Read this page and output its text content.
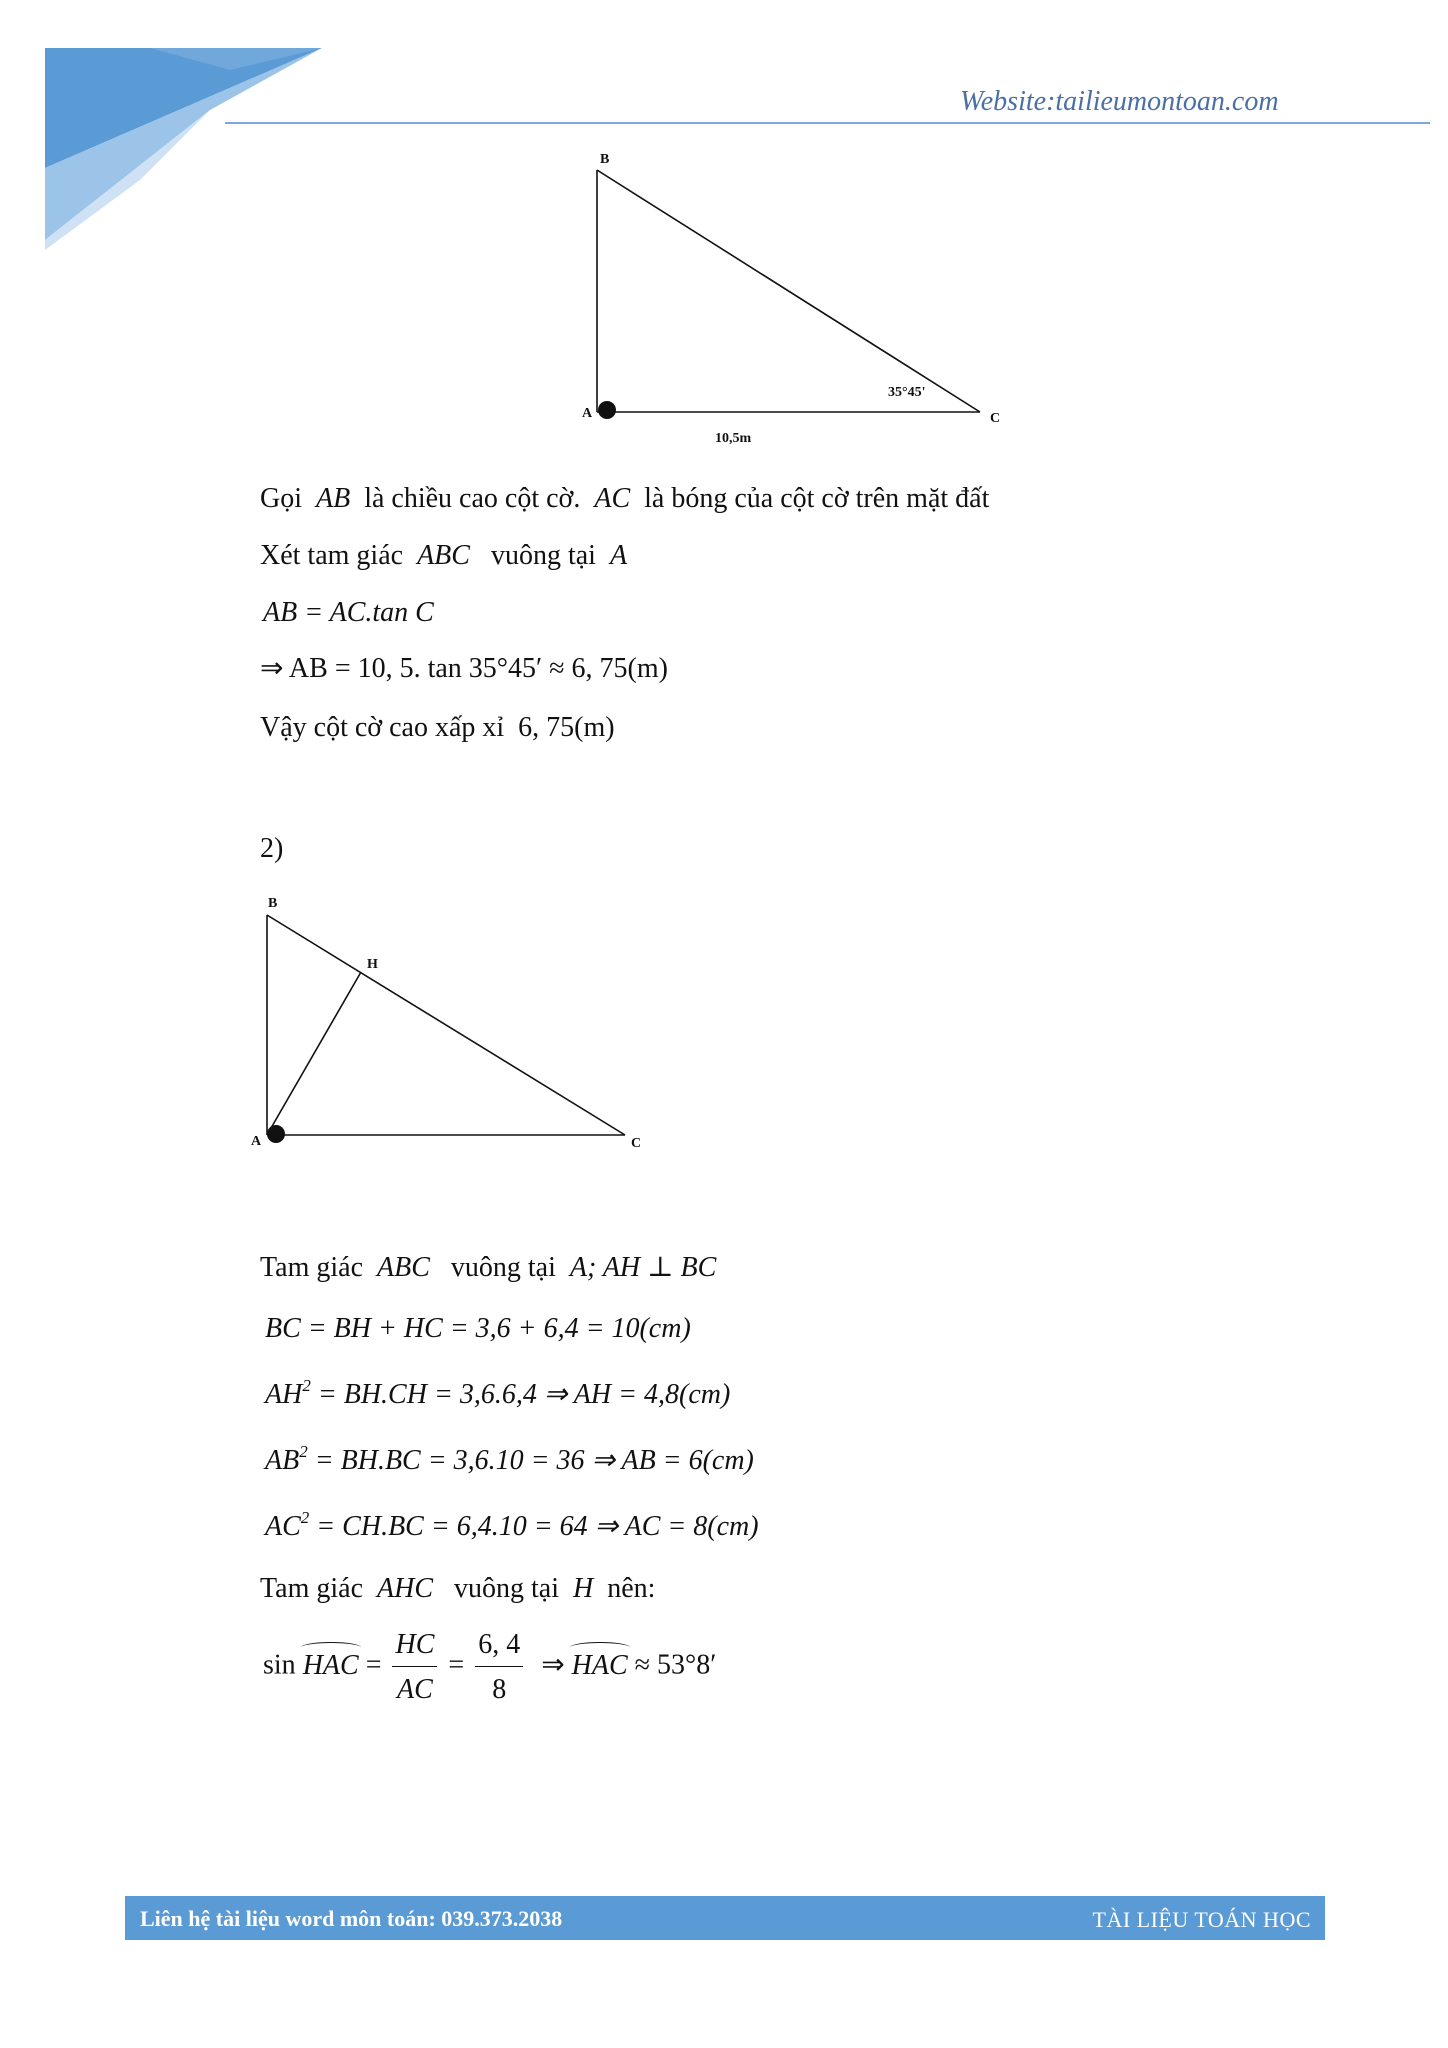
Website:tailieumontoan.com
B
A	C
35°45'
10,5m
Gọi AB là chiều cao cột cờ. AC là bóng của cột cờ trên mặt đất
Xét tam giác ABC vuông tại A
AB = AC.tan C
⇒ AB = 10, 5. tan 35°45′ ≈ 6, 75(m)
Vậy cột cờ cao xấp xỉ 6, 75(m)
2)
B
H
A	C
Tam giác ABC vuông tại A; AH ⊥ BC
BC = BH + HC = 3,6 + 6,4 = 10(cm)
$AH^2 = BH.CH = 3,6.6,4$ ⇒ AH = 4,8(cm)
$AB^2 = BH.BC = 3,6.10 = 36$ ⇒ AB = 6(cm)
$AC^2 = CH.BC = 6,4.10 = 64$ ⇒ AC = 8(cm)
Tam giác AHC vuông tại H nên:
sin HAC = $\frac{HC}{AC} = \frac{6, 4}{8}$ ⇒ HAC ≈ 53°8′
Liên hệ tài liệu word môn toán: 039.373.2038	TÀI LIỆU TOÁN HỌC
